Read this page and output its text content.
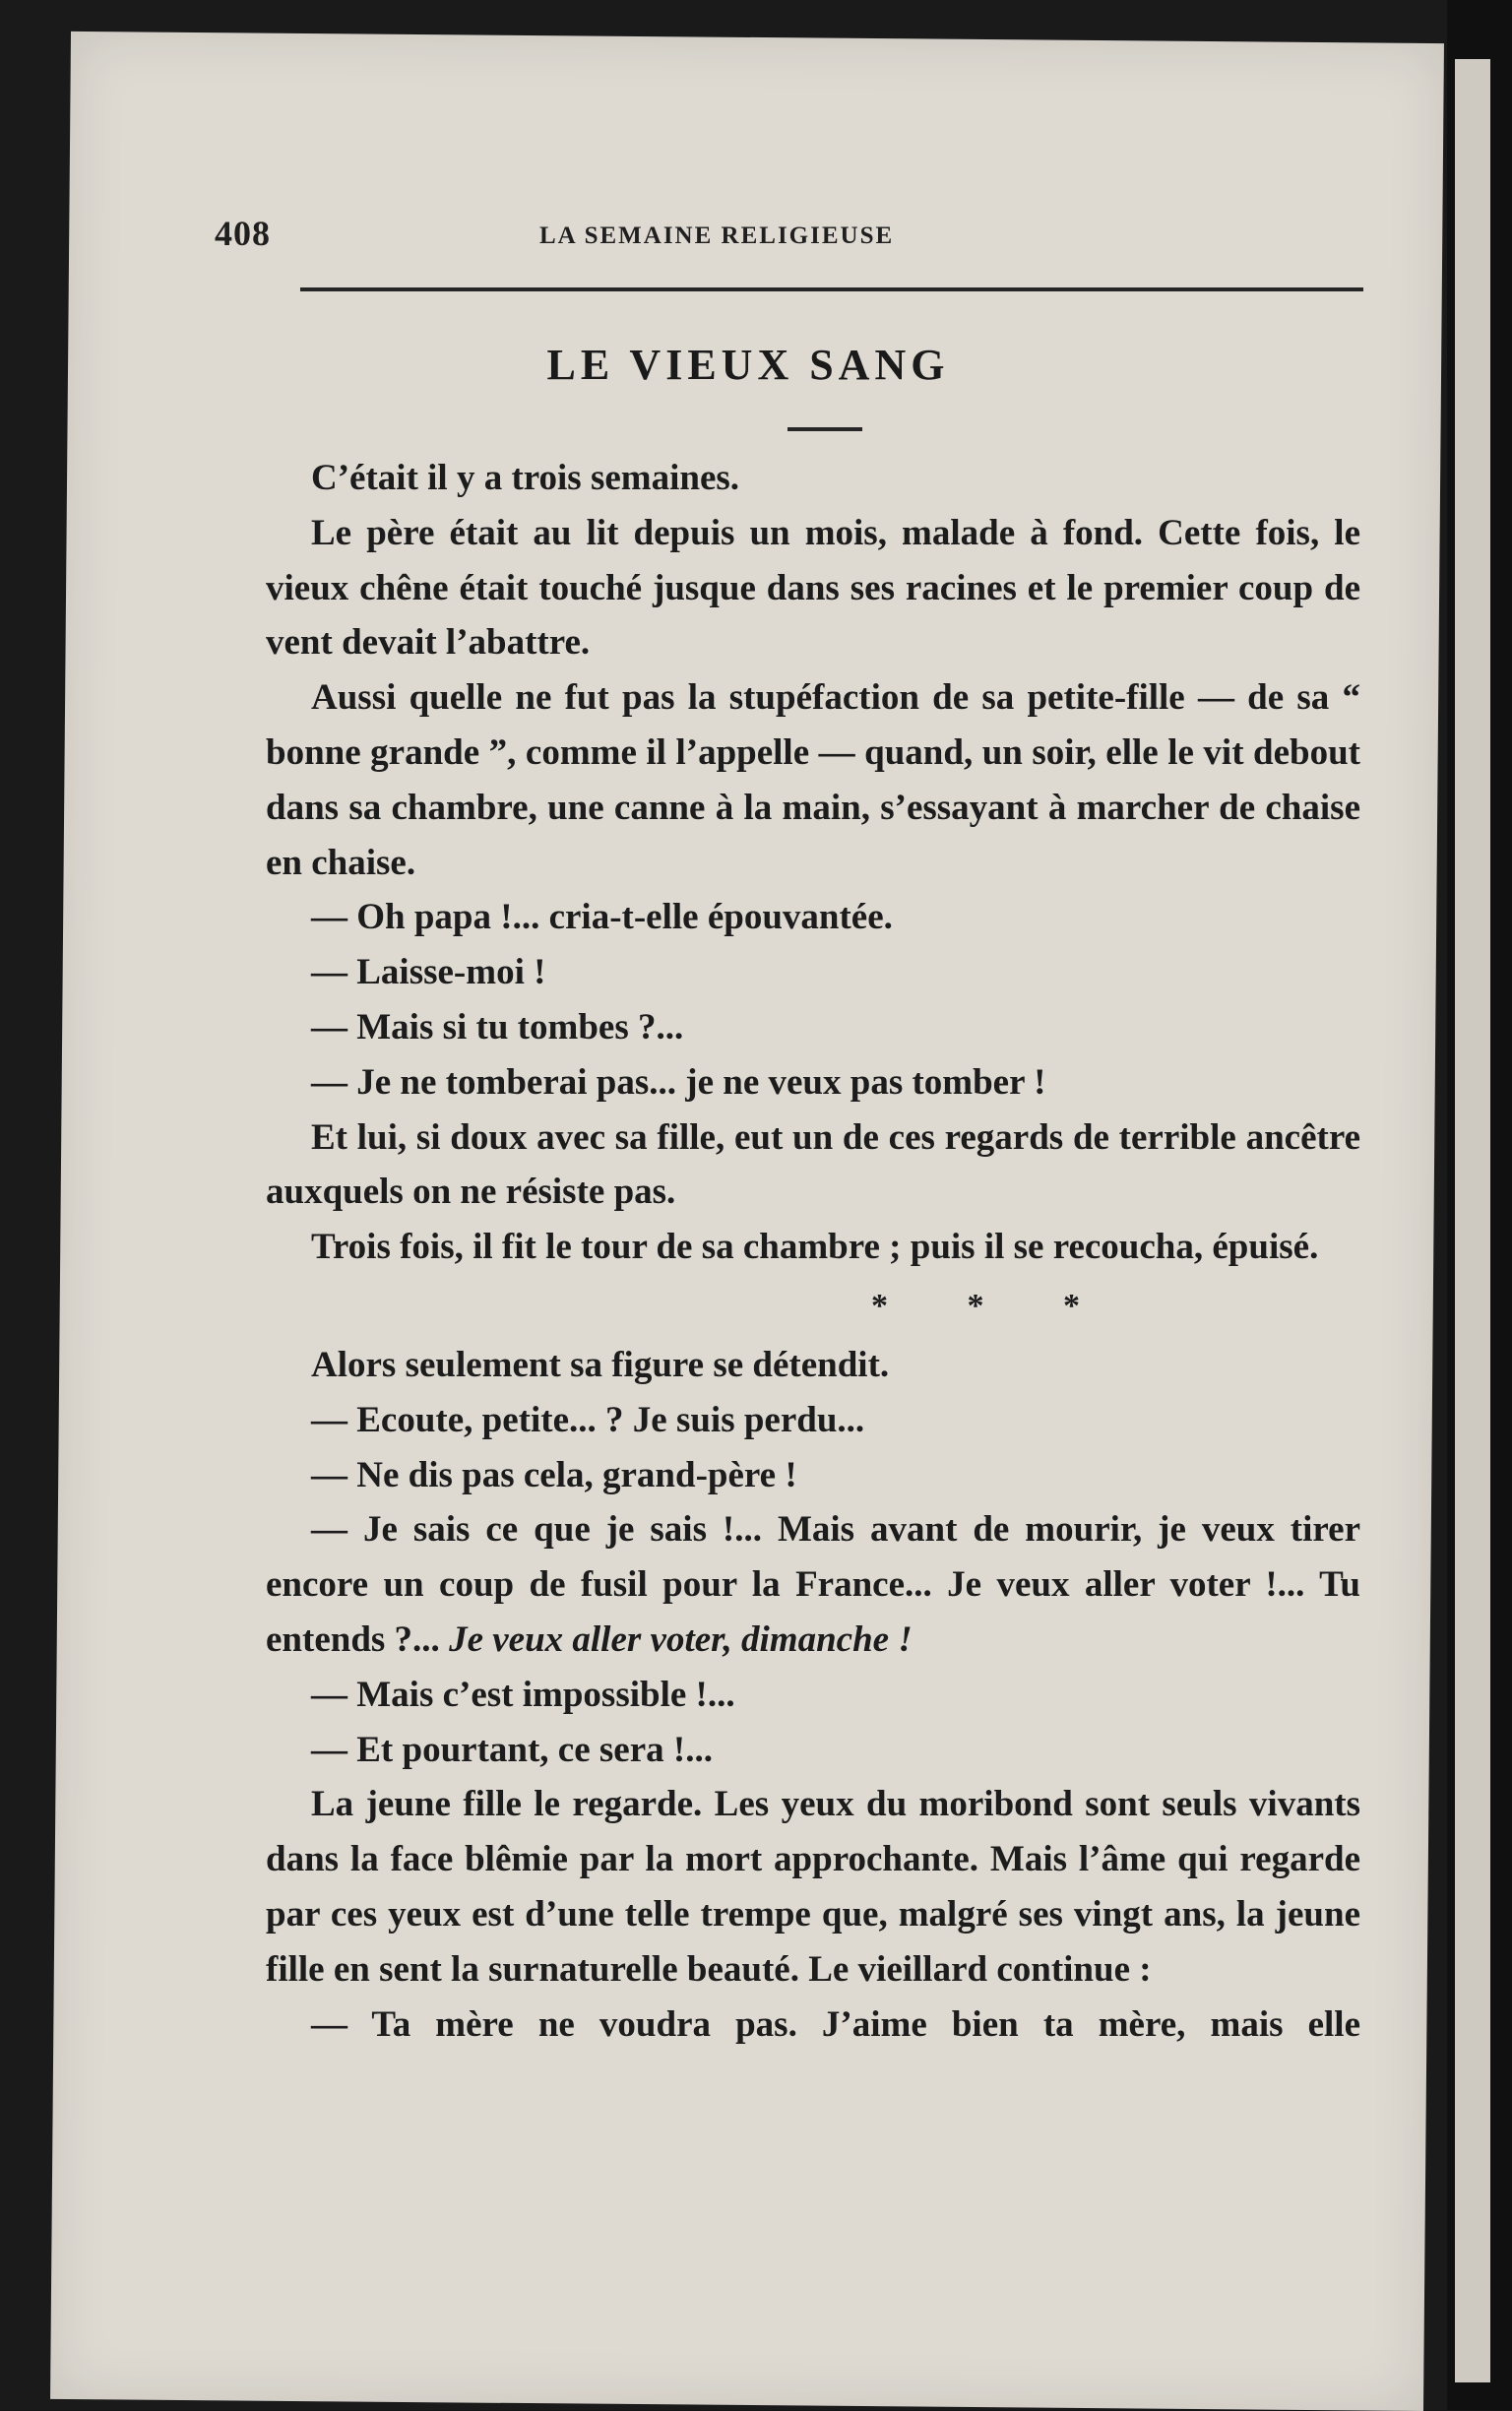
408	LA SEMAINE RELIGIEUSE
LE VIEUX SANG

C’était il y a trois semaines.

Le père était au lit depuis un mois, malade à fond. Cette fois, le vieux chêne était touché jusque dans ses racines et le premier coup de vent devait l’abattre.

Aussi quelle ne fut pas la stupéfaction de sa petite-fille — de sa “ bonne grande ”, comme il l’appelle — quand, un soir, elle le vit debout dans sa chambre, une canne à la main, s’essayant à marcher de chaise en chaise.

— Oh papa !... cria-t-elle épouvantée.

— Laisse-moi !

— Mais si tu tombes ?...

— Je ne tomberai pas... je ne veux pas tomber !

Et lui, si doux avec sa fille, eut un de ces regards de terrible ancêtre auxquels on ne résiste pas.

Trois fois, il fit le tour de sa chambre ; puis il se recoucha, épuisé.

* * *

Alors seulement sa figure se détendit.

— Ecoute, petite... ? Je suis perdu...

— Ne dis pas cela, grand-père !

— Je sais ce que je sais !... Mais avant de mourir, je veux tirer encore un coup de fusil pour la France... Je veux aller voter !... Tu entends ?... Je veux aller voter, dimanche !

— Mais c’est impossible !...

— Et pourtant, ce sera !...

La jeune fille le regarde. Les yeux du moribond sont seuls vivants dans la face blêmie par la mort approchante. Mais l’âme qui regarde par ces yeux est d’une telle trempe que, malgré ses vingt ans, la jeune fille en sent la surnaturelle beauté. Le vieillard continue :

— Ta mère ne voudra pas. J’aime bien ta mère, mais elle
